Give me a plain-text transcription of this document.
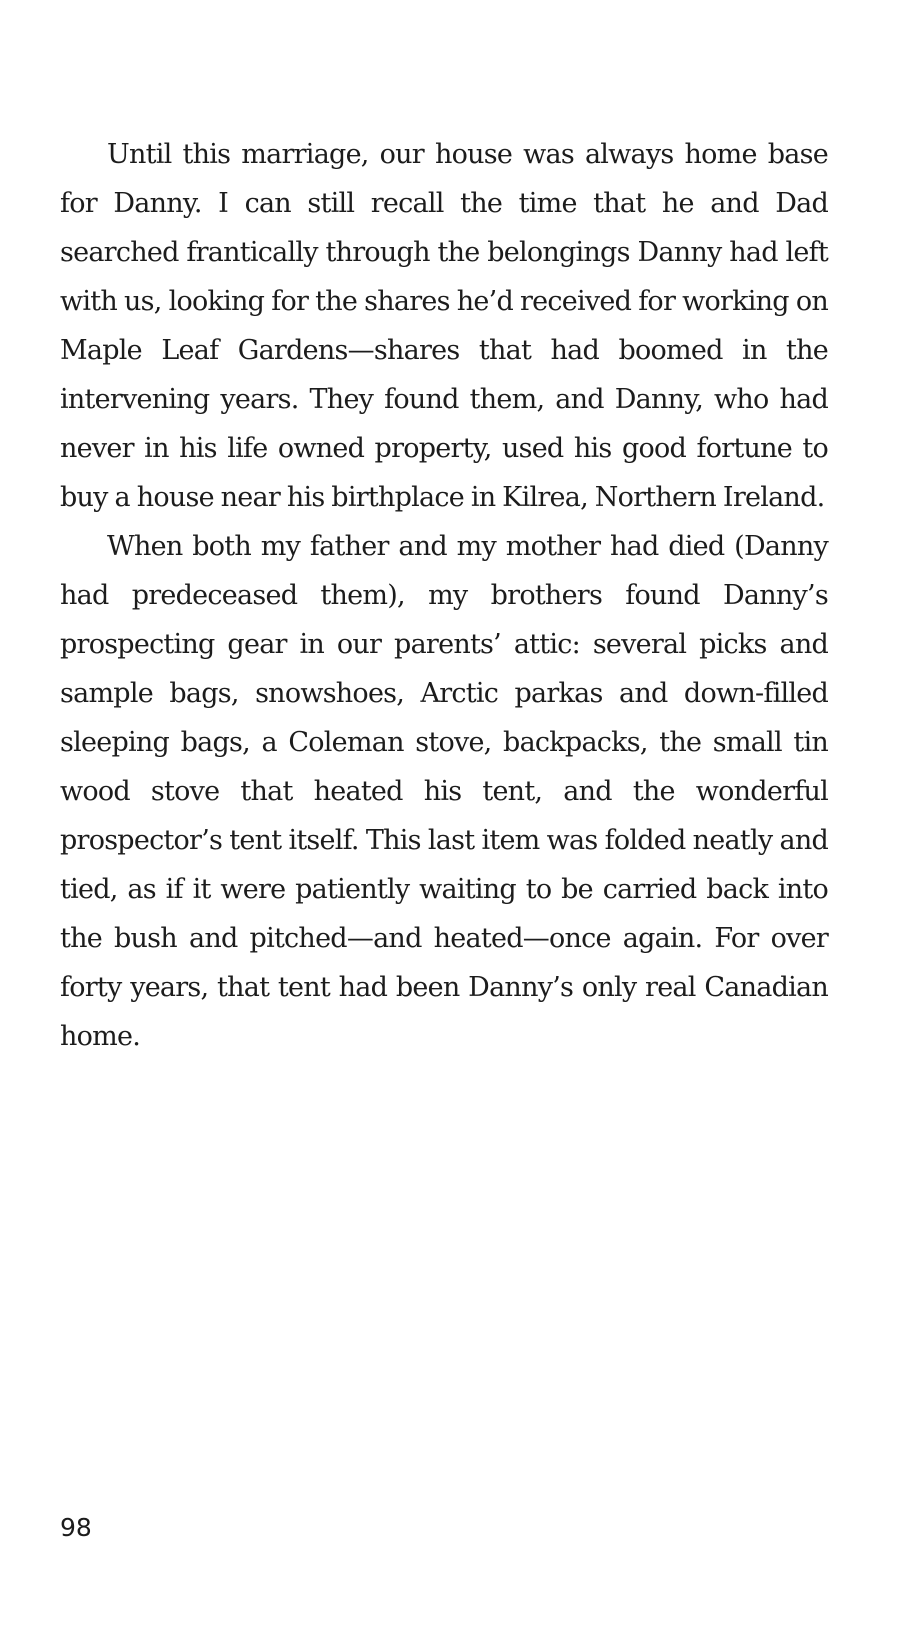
Until this marriage, our house was always home base for Danny. I can still recall the time that he and Dad searched frantically through the belongings Danny had left with us, looking for the shares he’d received for working on Maple Leaf Gardens—shares that had boomed in the intervening years. They found them, and Danny, who had never in his life owned property, used his good fortune to buy a house near his birthplace in Kilrea, Northern Ireland.

When both my father and my mother had died (Danny had predeceased them), my brothers found Danny’s prospecting gear in our parents’ attic: several picks and sample bags, snowshoes, Arctic parkas and down-filled sleeping bags, a Coleman stove, backpacks, the small tin wood stove that heated his tent, and the wonderful prospector’s tent itself. This last item was folded neatly and tied, as if it were patiently waiting to be carried back into the bush and pitched—and heated—once again. For over forty years, that tent had been Danny’s only real Canadian home.

98
